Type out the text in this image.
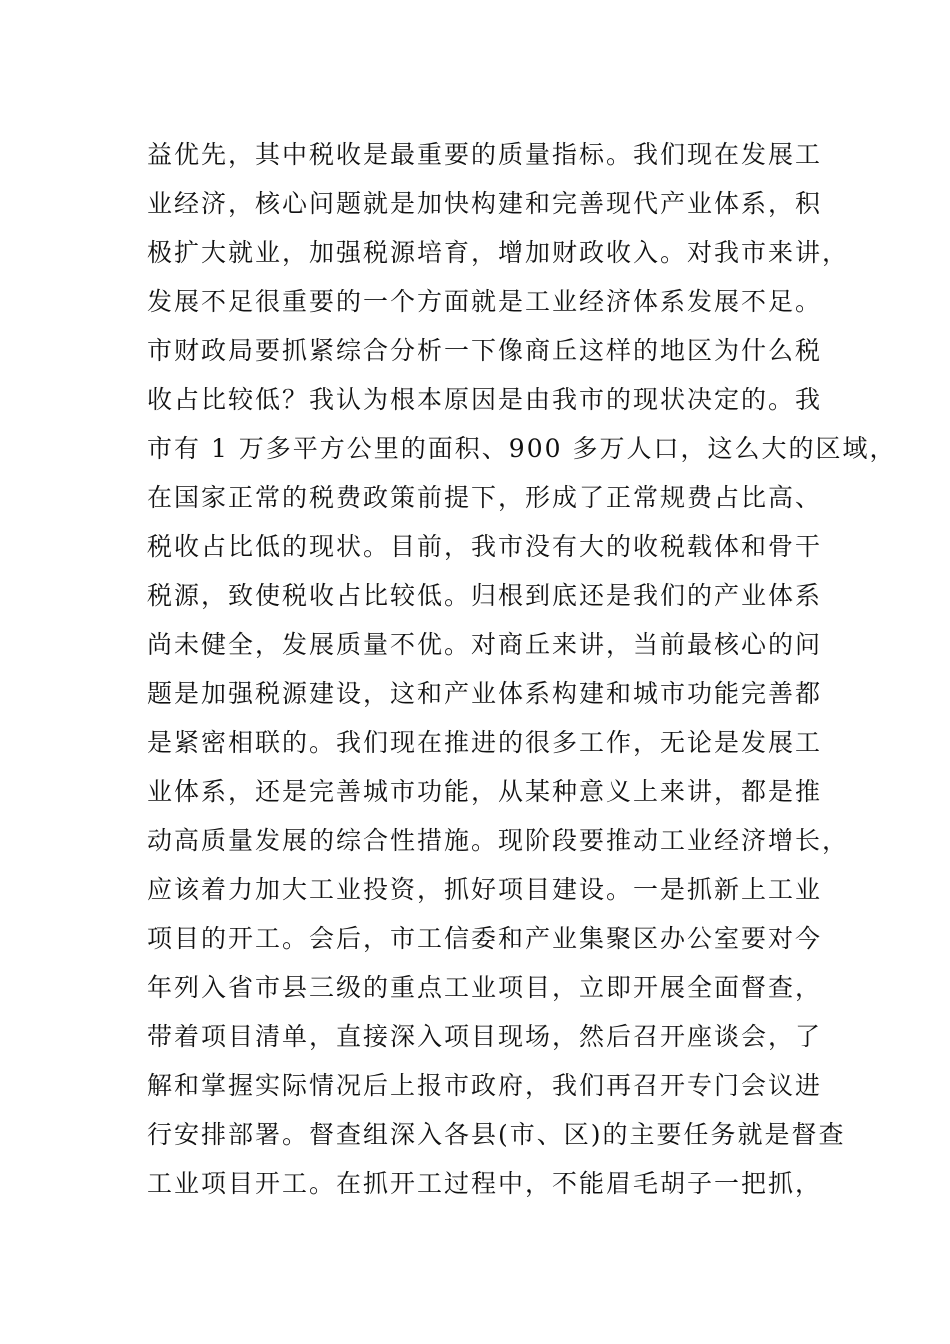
益优先，其中税收是最重要的质量指标。我们现在发展工
业经济，核心问题就是加快构建和完善现代产业体系，积
极扩大就业，加强税源培育，增加财政收入。对我市来讲，
发展不足很重要的一个方面就是工业经济体系发展不足。
市财政局要抓紧综合分析一下像商丘这样的地区为什么税
收占比较低？我认为根本原因是由我市的现状决定的。我
市有 1 万多平方公里的面积、900 多万人口，这么大的区域，
在国家正常的税费政策前提下，形成了正常规费占比高、
税收占比低的现状。目前，我市没有大的收税载体和骨干
税源，致使税收占比较低。归根到底还是我们的产业体系
尚未健全，发展质量不优。对商丘来讲，当前最核心的问
题是加强税源建设，这和产业体系构建和城市功能完善都
是紧密相联的。我们现在推进的很多工作，无论是发展工
业体系，还是完善城市功能，从某种意义上来讲，都是推
动高质量发展的综合性措施。现阶段要推动工业经济增长，
应该着力加大工业投资，抓好项目建设。一是抓新上工业
项目的开工。会后，市工信委和产业集聚区办公室要对今
年列入省市县三级的重点工业项目，立即开展全面督查，
带着项目清单，直接深入项目现场，然后召开座谈会，了
解和掌握实际情况后上报市政府，我们再召开专门会议进
行安排部署。督查组深入各县(市、区)的主要任务就是督查
工业项目开工。在抓开工过程中，不能眉毛胡子一把抓，
